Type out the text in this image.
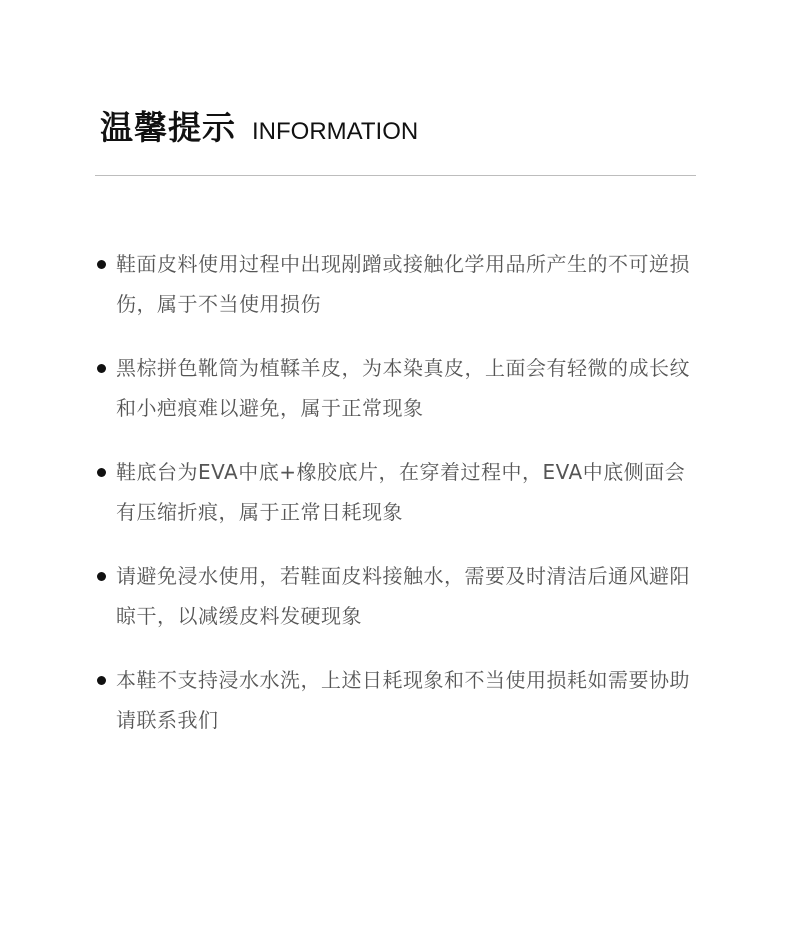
温馨提示 INFORMATION
鞋面皮料使用过程中出现剐蹭或接触化学用品所产生的不可逆损伤，属于不当使用损伤
黑棕拼色靴筒为植鞣羊皮，为本染真皮，上面会有轻微的成长纹和小疤痕难以避免，属于正常现象
鞋底台为EVA中底+橡胶底片，在穿着过程中，EVA中底侧面会有压缩折痕，属于正常日耗现象
请避免浸水使用，若鞋面皮料接触水，需要及时清洁后通风避阳晾干，以减缓皮料发硬现象
本鞋不支持浸水水洗，上述日耗现象和不当使用损耗如需要协助请联系我们
